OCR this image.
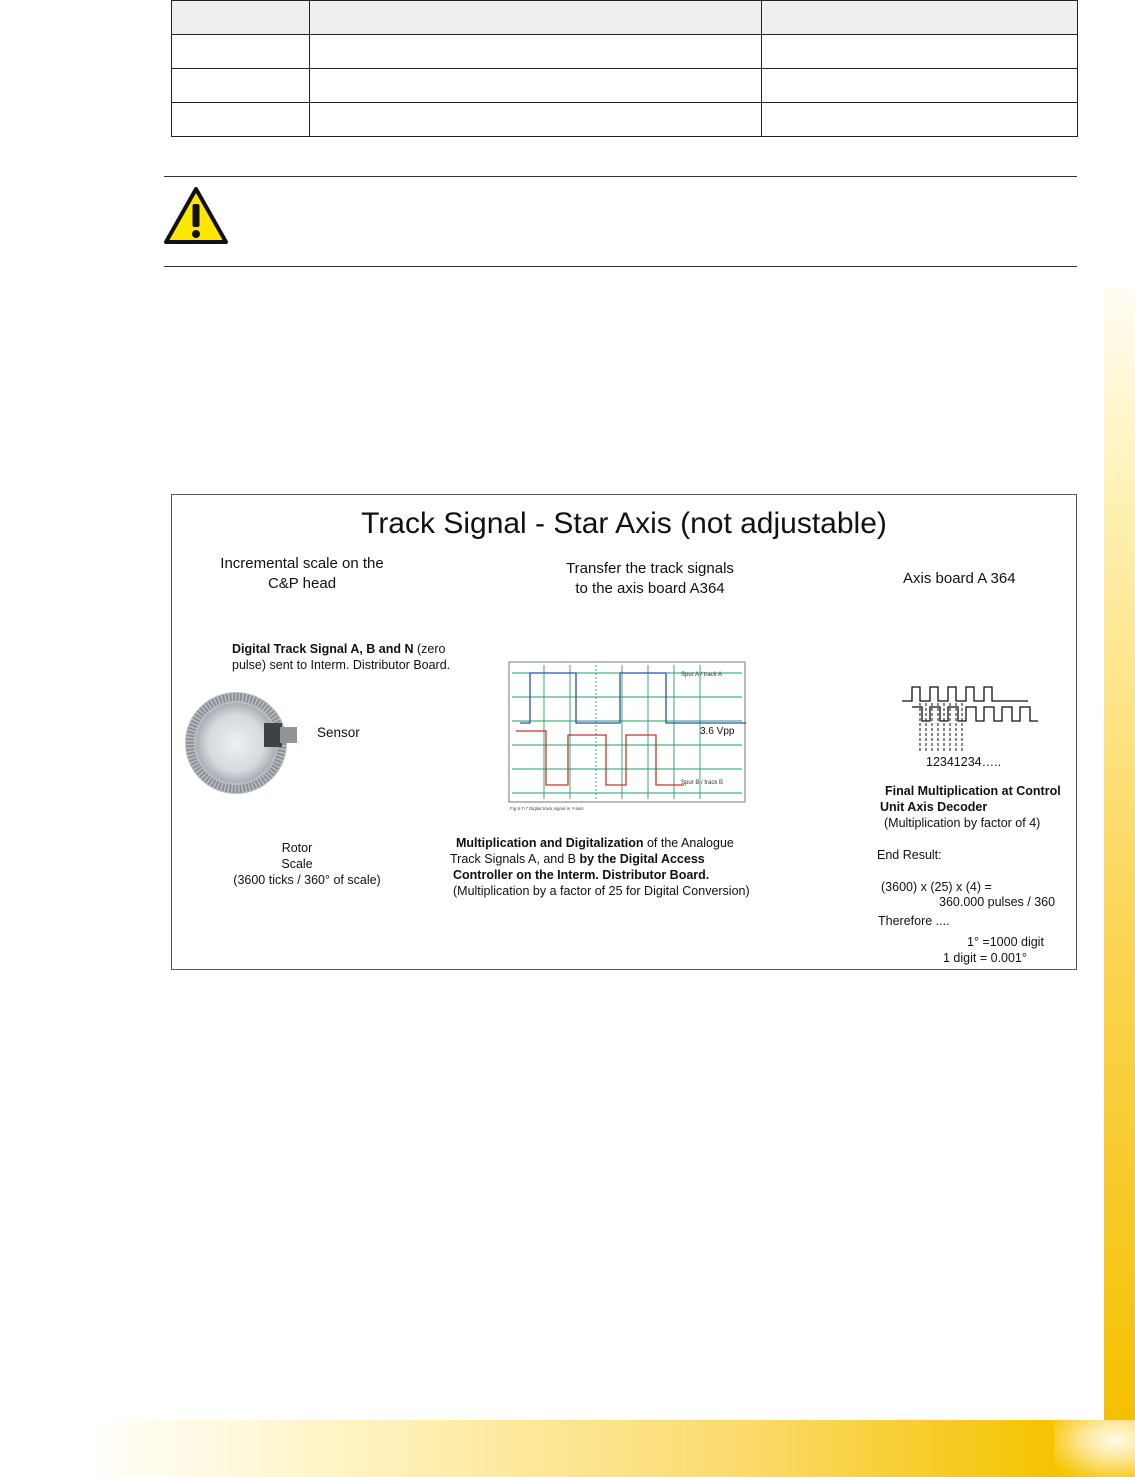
Track Signal - Star Axis (not adjustable)
Incremental scale on the
C&P head
Digital Track Signal A, B and N (zero
pulse) sent to Interm. Distributor Board.
Sensor
Rotor
Scale
(3600 ticks / 360° of scale)
Transfer the track signals
to the axis board A364
Spur A / track A
3.6 Vpp
Spur B / track B
Fig 6.7-7 Digital track signal in Y-axis
Multiplication and Digitalization of the Analogue
Track Signals A, and B by the Digital Access
Controller on the Interm. Distributor Board.
(Multiplication by a factor of 25 for Digital Conversion)
Axis board A 364
12341234…..
Final Multiplication at Control
Unit Axis Decoder
(Multiplication by factor of 4)
End Result:
(3600) x (25) x (4) =
360.000 pulses / 360
Therefore ....
1° =1000 digit
1 digit = 0.001°
